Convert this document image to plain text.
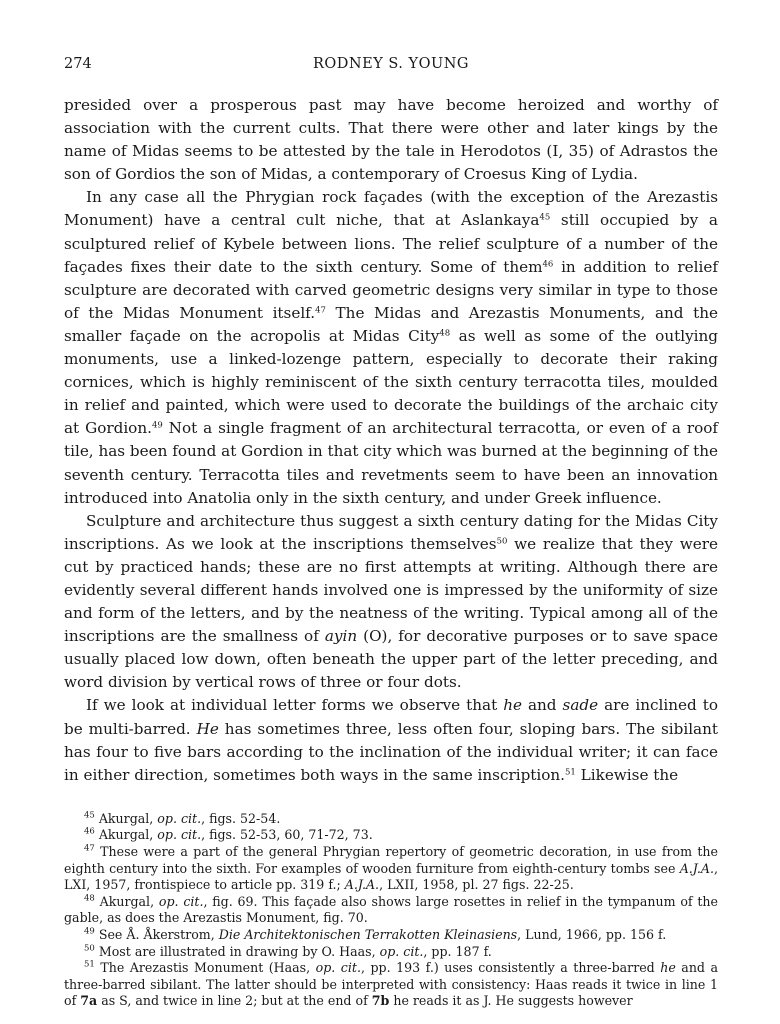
274	RODNEY S. YOUNG

presided over a prosperous past may have become heroized and worthy of association with the current cults. That there were other and later kings by the name of Midas seems to be attested by the tale in Herodotos (I, 35) of Adrastos the son of Gordios the son of Midas, a contemporary of Croesus King of Lydia.

In any case all the Phrygian rock façades (with the exception of the Arezastis Monument) have a central cult niche, that at Aslankaya$^{45}$ still occupied by a sculptured relief of Kybele between lions. The relief sculpture of a number of the façades fixes their date to the sixth century. Some of them$^{46}$ in addition to relief sculpture are decorated with carved geometric designs very similar in type to those of the Midas Monument itself.$^{47}$ The Midas and Arezastis Monuments, and the smaller façade on the acropolis at Midas City$^{48}$ as well as some of the outlying monuments, use a linked-lozenge pattern, especially to decorate their raking cornices, which is highly reminiscent of the sixth century terracotta tiles, moulded in relief and painted, which were used to decorate the buildings of the archaic city at Gordion.$^{49}$ Not a single fragment of an architectural terracotta, or even of a roof tile, has been found at Gordion in that city which was burned at the beginning of the seventh century. Terracotta tiles and revetments seem to have been an innovation introduced into Anatolia only in the sixth century, and under Greek influence.

Sculpture and architecture thus suggest a sixth century dating for the Midas City inscriptions. As we look at the inscriptions themselves$^{50}$ we realize that they were cut by practiced hands; these are no first attempts at writing. Although there are evidently several different hands involved one is impressed by the uniformity of size and form of the letters, and by the neatness of the writing. Typical among all of the inscriptions are the smallness of ayin (O), for decorative purposes or to save space usually placed low down, often beneath the upper part of the letter preceding, and word division by vertical rows of three or four dots.

If we look at individual letter forms we observe that he and sade are inclined to be multi-barred. He has sometimes three, less often four, sloping bars. The sibilant has four to five bars according to the inclination of the individual writer; it can face in either direction, sometimes both ways in the same inscription.$^{51}$ Likewise the

$^{45}$ Akurgal, op. cit., figs. 52-54.

$^{46}$ Akurgal, op. cit., figs. 52-53, 60, 71-72, 73.

$^{47}$ These were a part of the general Phrygian repertory of geometric decoration, in use from the eighth century into the sixth. For examples of wooden furniture from eighth-century tombs see A.J.A., LXI, 1957, frontispiece to article pp. 319 f.; A.J.A., LXII, 1958, pl. 27 figs. 22-25.

$^{48}$ Akurgal, op. cit., fig. 69. This façade also shows large rosettes in relief in the tympanum of the gable, as does the Arezastis Monument, fig. 70.

$^{49}$ See Å. Åkerstrom, Die Architektonischen Terrakotten Kleinasiens, Lund, 1966, pp. 156 f.

$^{50}$ Most are illustrated in drawing by O. Haas, op. cit., pp. 187 f.

$^{51}$ The Arezastis Monument (Haas, op. cit., pp. 193 f.) uses consistently a three-barred he and a three-barred sibilant. The latter should be interpreted with consistency: Haas reads it twice in line 1 of 7a as S, and twice in line 2; but at the end of 7b he reads it as J. He suggests however
